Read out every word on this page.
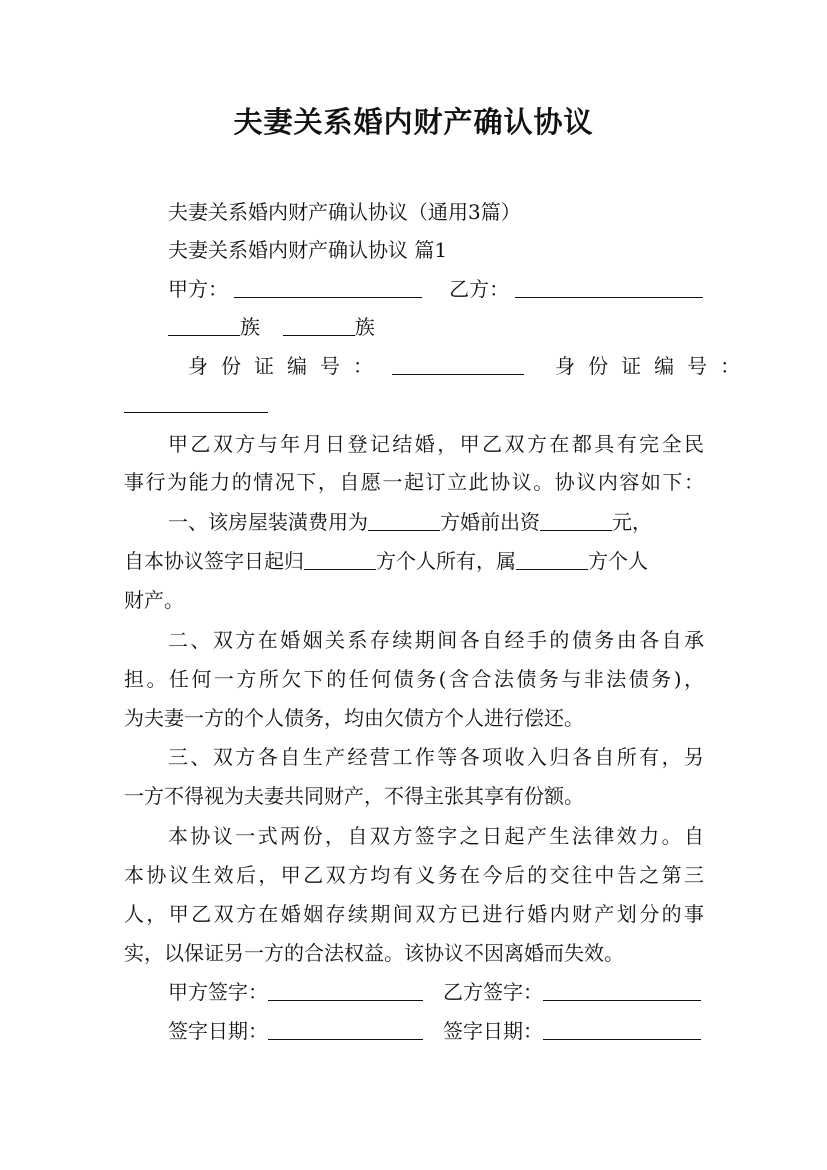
夫妻关系婚内财产确认协议
夫妻关系婚内财产确认协议（通用3篇）
夫妻关系婚内财产确认协议 篇1
甲方：	乙方：
族	族
身份证编号：	身份证编号：
甲乙双方与年月日登记结婚，甲乙双方在都具有完全民
事行为能力的情况下，自愿一起订立此协议。协议内容如下：
一、该房屋装潢费用为	方婚前出资	元，
自本协议签字日起归	方个人所有，属	方个人
财产。
二、双方在婚姻关系存续期间各自经手的债务由各自承
担。任何一方所欠下的任何债务(含合法债务与非法债务)，
为夫妻一方的个人债务，均由欠债方个人进行偿还。
三、双方各自生产经营工作等各项收入归各自所有，另
一方不得视为夫妻共同财产，不得主张其享有份额。
本协议一式两份，自双方签字之日起产生法律效力。自
本协议生效后，甲乙双方均有义务在今后的交往中告之第三
人，甲乙双方在婚姻存续期间双方已进行婚内财产划分的事
实，以保证另一方的合法权益。该协议不因离婚而失效。
甲方签字：	乙方签字：
签字日期：	签字日期：
